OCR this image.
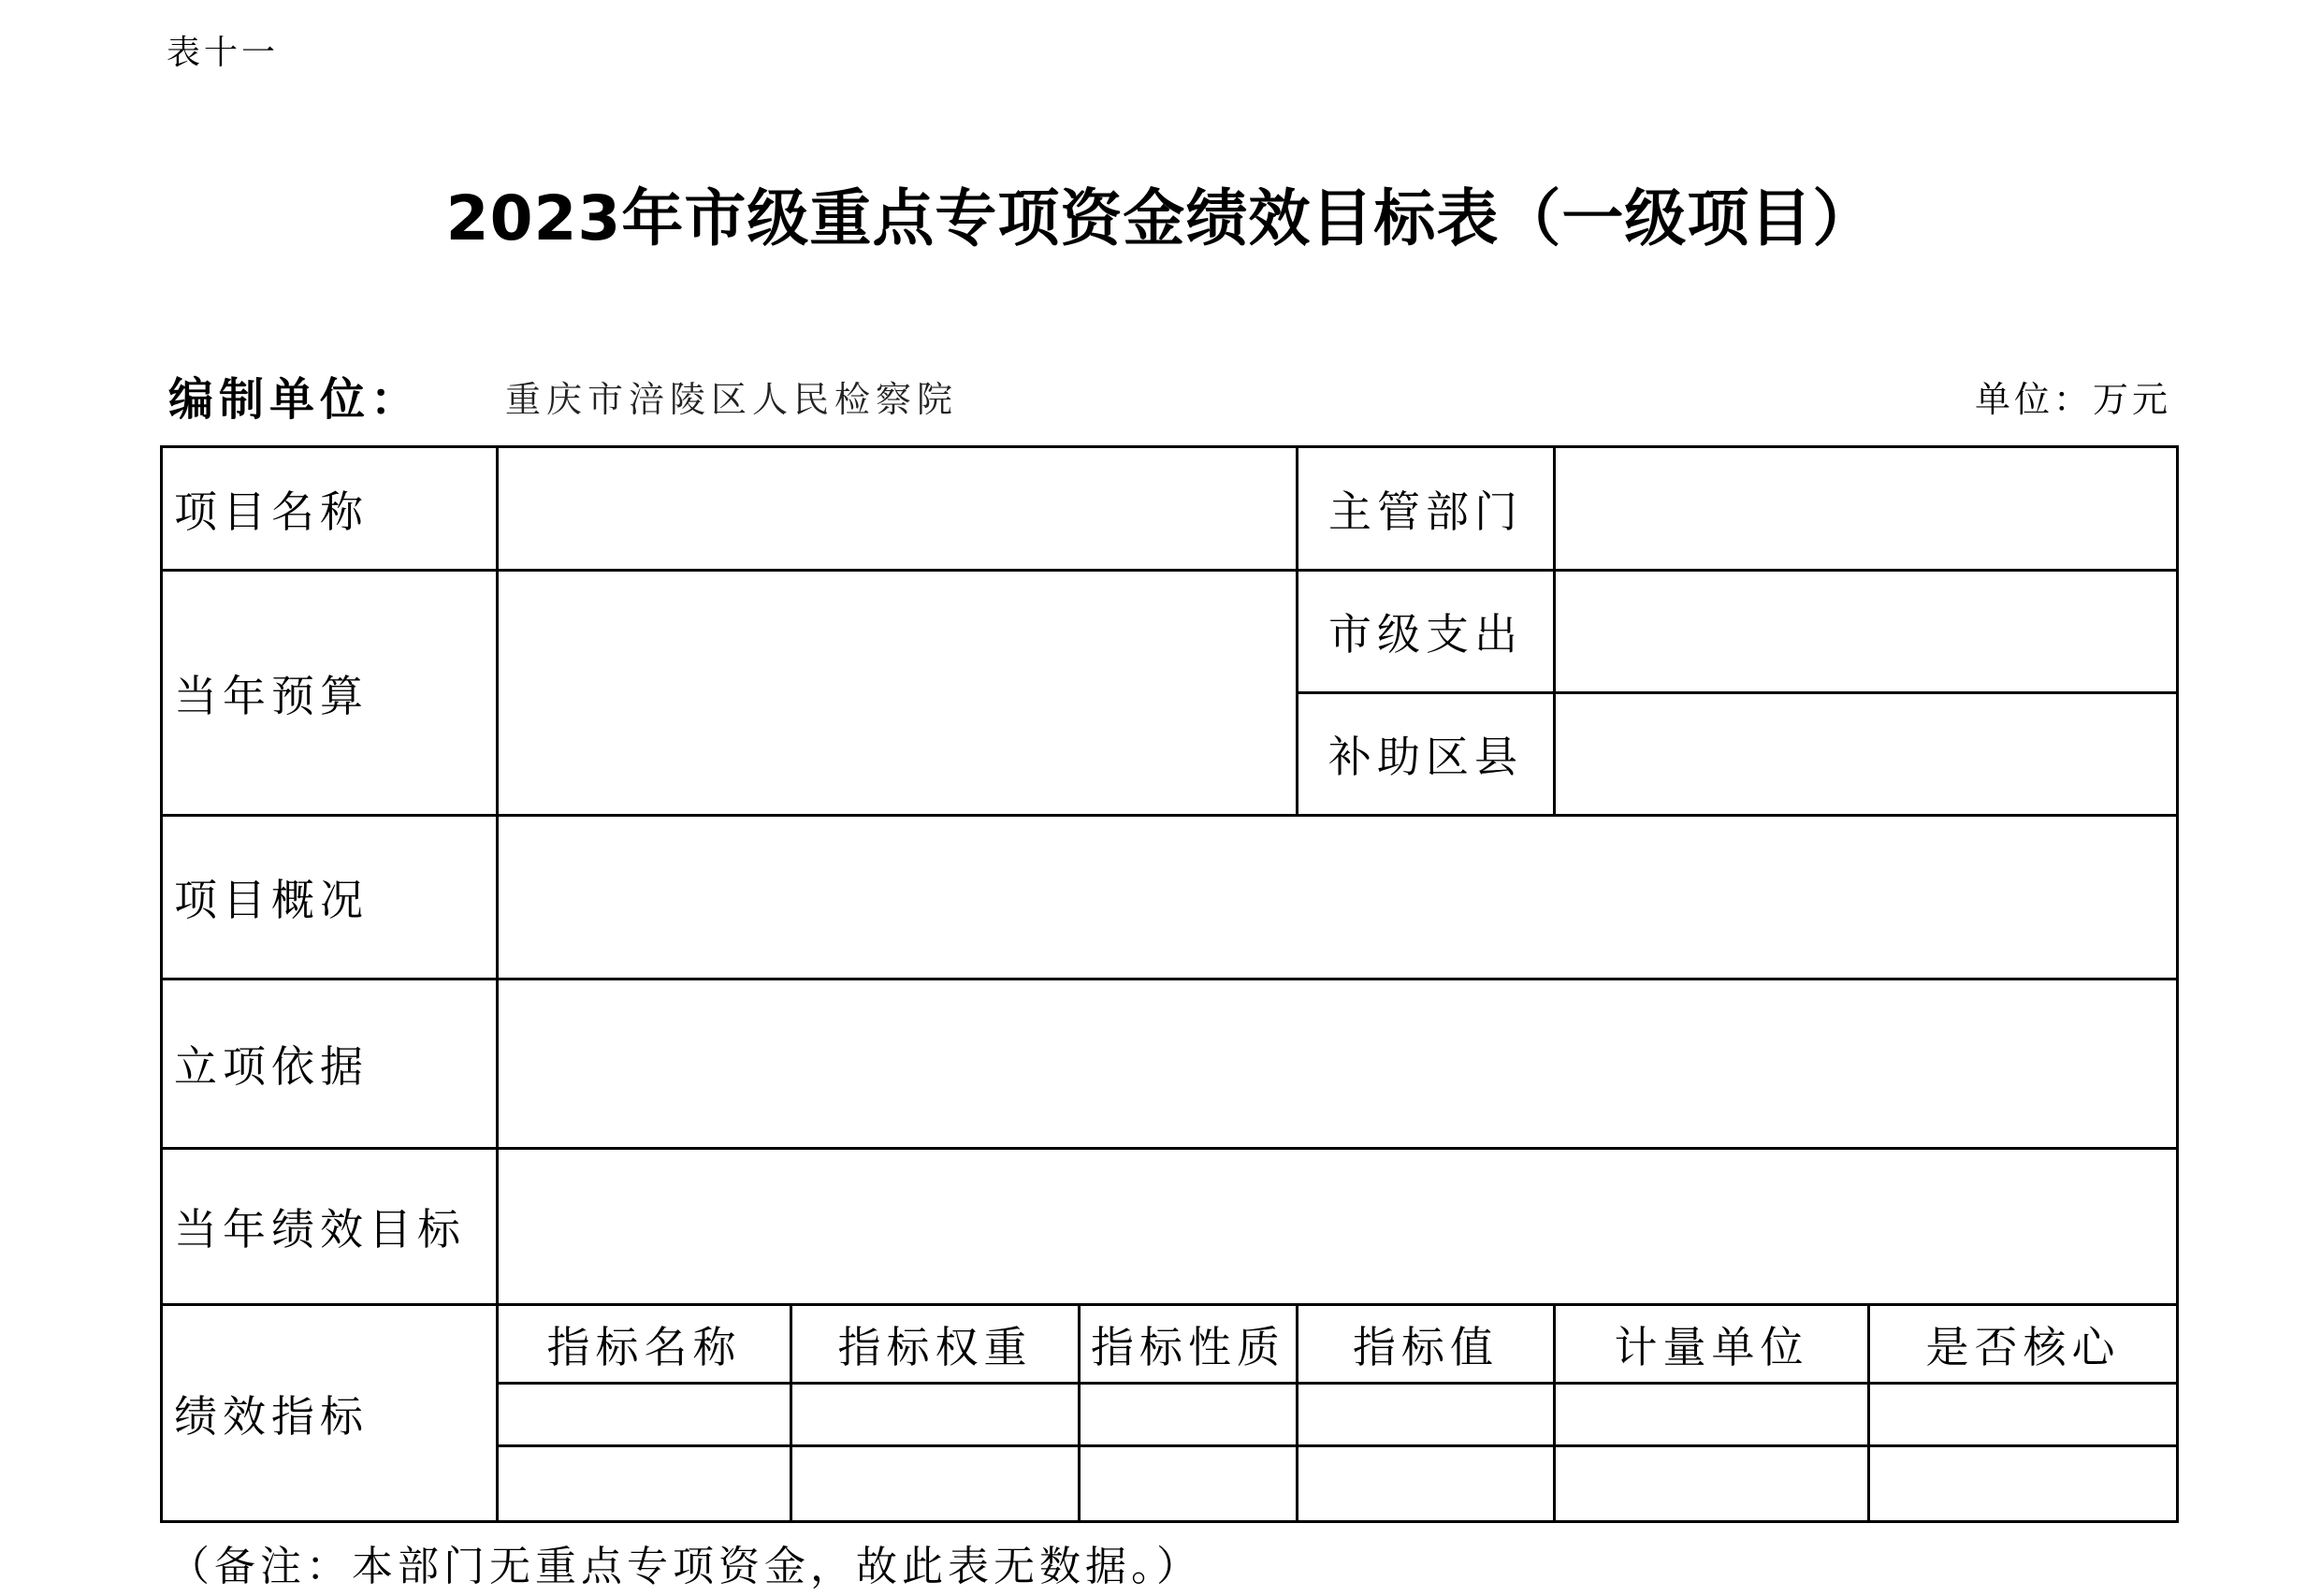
表十一
2023年市级重点专项资金绩效目标表（一级项目）
编制单位： 重庆市涪陵区人民检察院	单位：万元
项目名称				主管部门		
当年预算				市级支出		
				补助区县		
项目概况						
立项依据						
当年绩效目标						
绩效指标	指标名称	指标权重	指标性质	指标值	计量单位	是否核心

（备注：本部门无重点专项资金，故此表无数据。）
